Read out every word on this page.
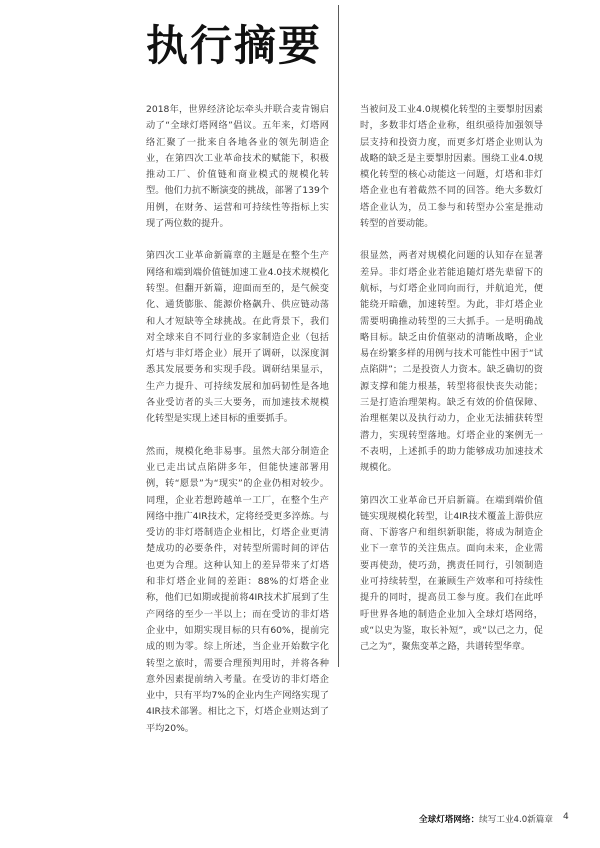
执行摘要

2018年，世界经济论坛牵头并联合麦肯锡启动了“全球灯塔网络”倡议。五年来，灯塔网络汇聚了一批来自各地各业的领先制造企业，在第四次工业革命技术的赋能下，积极推动工厂、价值链和商业模式的规模化转型。他们力抗不断演变的挑战，部署了139个用例，在财务、运营和可持续性等指标上实现了两位数的提升。

第四次工业革命新篇章的主题是在整个生产网络和端到端价值链加速工业4.0技术规模化转型。但翻开新篇，迎面而至的，是气候变化、通货膨胀、能源价格飙升、供应链动荡和人才短缺等全球挑战。在此背景下，我们对全球来自不同行业的多家制造企业（包括灯塔与非灯塔企业）展开了调研，以深度洞悉其发展要务和实现手段。调研结果显示，生产力提升、可持续发展和加码韧性是各地各业受访者的头三大要务，而加速技术规模化转型是实现上述目标的重要抓手。

然而，规模化绝非易事。虽然大部分制造企业已走出试点陷阱多年，但能快速部署用例，转“愿景”为“现实”的企业仍相对较少。同理，企业若想跨越单一工厂，在整个生产网络中推广4IR技术，定将经受更多淬炼。与受访的非灯塔制造企业相比，灯塔企业更清楚成功的必要条件，对转型所需时间的评估也更为合理。这种认知上的差异带来了灯塔和非灯塔企业间的差距：88%的灯塔企业称，他们已如期或提前将4IR技术扩展到了生产网络的至少一半以上；而在受访的非灯塔企业中，如期实现目标的只有60%，提前完成的则为零。综上所述，当企业开始数字化转型之旅时，需要合理预判用时，并将各种意外因素提前纳入考量。在受访的非灯塔企业中，只有平均7%的企业内生产网络实现了4IR技术部署。相比之下，灯塔企业则达到了平均20%。

当被问及工业4.0规模化转型的主要掣肘因素时，多数非灯塔企业称，组织亟待加强领导层支持和投资力度，而更多灯塔企业则认为战略的缺乏是主要掣肘因素。围绕工业4.0规模化转型的核心动能这一问题，灯塔和非灯塔企业也有着截然不同的回答。绝大多数灯塔企业认为，员工参与和转型办公室是推动转型的首要动能。

很显然，两者对规模化问题的认知存在显著差异。非灯塔企业若能追随灯塔先辈留下的航标，与灯塔企业同向而行，并航追光，便能绕开暗礁，加速转型。为此，非灯塔企业需要明确推动转型的三大抓手。一是明确战略目标。缺乏由价值驱动的清晰战略，企业易在纷繁多样的用例与技术可能性中困于“试点陷阱”；二是投资人力资本。缺乏确切的资源支撑和能力根基，转型将很快丧失动能；三是打造治理架构。缺乏有效的价值保障、治理框架以及执行动力，企业无法捕获转型潜力，实现转型落地。灯塔企业的案例无一不表明，上述抓手的助力能够成功加速技术规模化。

第四次工业革命已开启新篇。在端到端价值链实现规模化转型，让4IR技术覆盖上游供应商、下游客户和组织新职能，将成为制造企业下一章节的关注焦点。面向未来，企业需要再使劲，使巧劲，携责任同行，引领制造业可持续转型，在兼顾生产效率和可持续性提升的同时，提高员工参与度。我们在此呼吁世界各地的制造企业加入全球灯塔网络，或“以史为鉴，取长补短”，或“以己之力，促己之为”，聚焦变革之路，共谱转型华章。

全球灯塔网络：续写工业4.0新篇章 4
